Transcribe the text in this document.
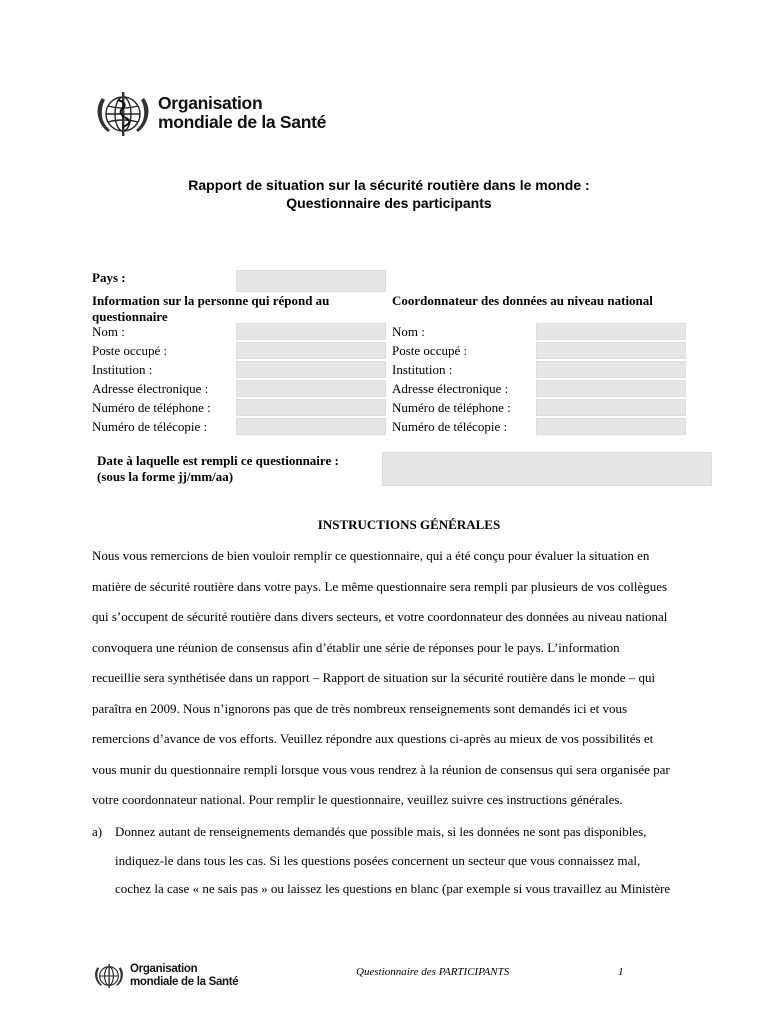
Organisation
mondiale de la Santé
Rapport de situation sur la sécurité routière dans le monde :
Questionnaire des participants
Pays :
Information sur la personne qui répond au questionnaire
Nom :
Poste occupé :
Institution :
Adresse électronique :
Numéro de téléphone :
Numéro de télécopie :
Coordonnateur des données au niveau national
Nom :
Poste occupé :
Institution :
Adresse électronique :
Numéro de téléphone :
Numéro de télécopie :
Date à laquelle est rempli ce questionnaire :
(sous la forme jj/mm/aa)
INSTRUCTIONS GÉNÉRALES

Nous vous remercions de bien vouloir remplir ce questionnaire, qui a été conçu pour évaluer la situation en

matière de sécurité routière dans votre pays. Le même questionnaire sera rempli par plusieurs de vos collègues

qui s’occupent de sécurité routière dans divers secteurs, et votre coordonnateur des données au niveau national

convoquera une réunion de consensus afin d’établir une série de réponses pour le pays. L’information

recueillie sera synthétisée dans un rapport – Rapport de situation sur la sécurité routière dans le monde – qui

paraîtra en 2009. Nous n’ignorons pas que de très nombreux renseignements sont demandés ici et vous

remercions d’avance de vos efforts. Veuillez répondre aux questions ci-après au mieux de vos possibilités et

vous munir du questionnaire rempli lorsque vous vous rendrez à la réunion de consensus qui sera organisée par

votre coordonnateur national. Pour remplir le questionnaire, veuillez suivre ces instructions générales.

a) Donnez autant de renseignements demandés que possible mais, si les données ne sont pas disponibles,
indiquez-le dans tous les cas. Si les questions posées concernent un secteur que vous connaissez mal,
cochez la case « ne sais pas » ou laissez les questions en blanc (par exemple si vous travaillez au Ministère
Organisation
mondiale de la Santé
Questionnaire des PARTICIPANTS	1
